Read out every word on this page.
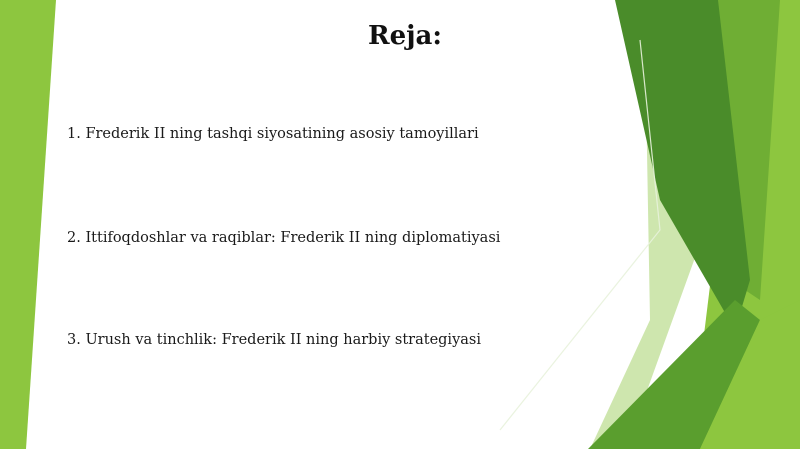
Reja:
1. Frederik II ning tashqi siyosatining asosiy tamoyillari
2. Ittifoqdoshlar va raqiblar: Frederik II ning diplomatiyasi
3. Urush va tinchlik: Frederik II ning harbiy strategiyasi
